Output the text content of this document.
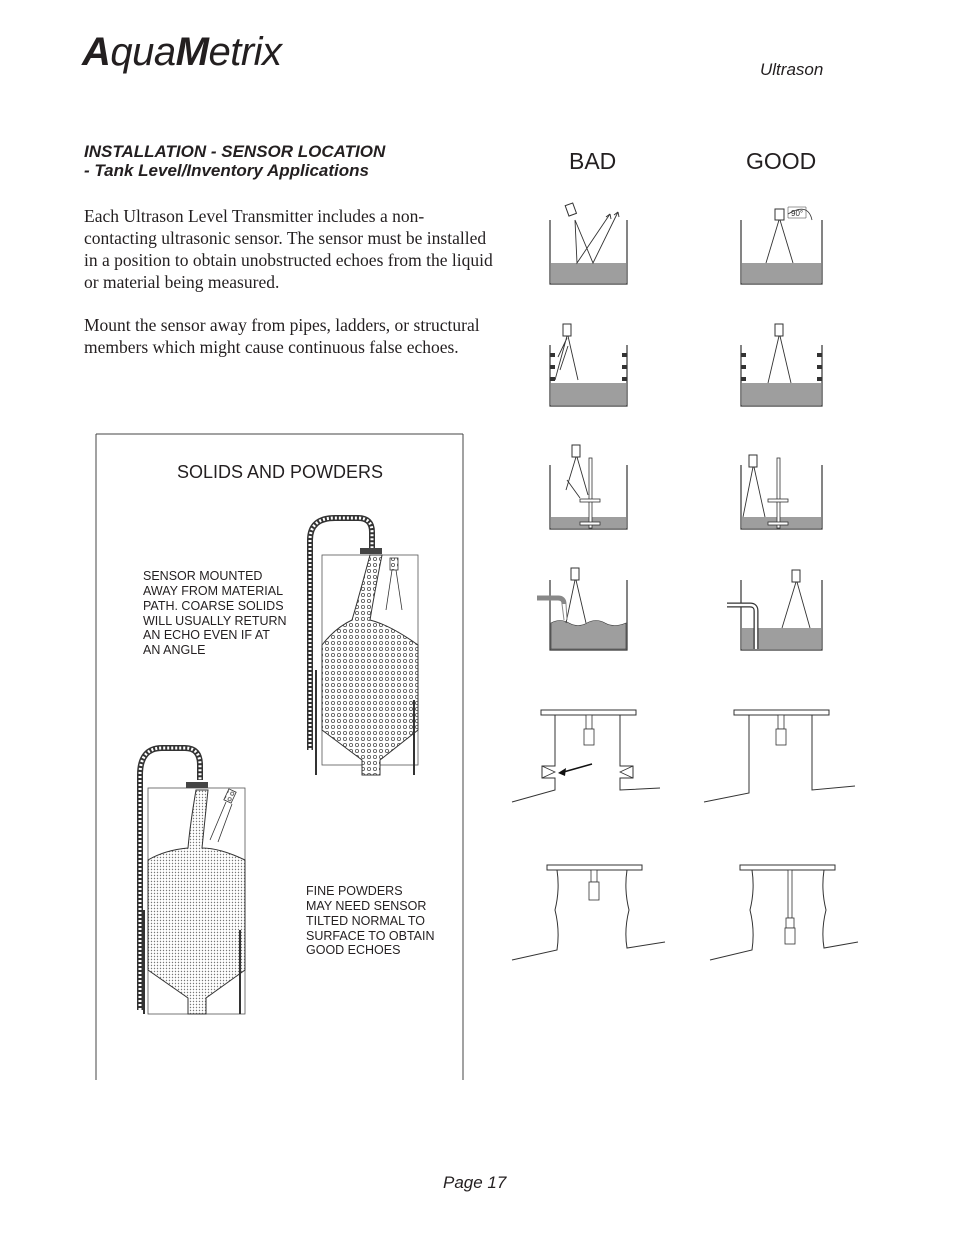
AquaMetrix	Ultrason
INSTALLATION - SENSOR LOCATION
- Tank Level/Inventory Applications
Each Ultrason Level Transmitter includes a non-contacting ultrasonic sensor. The sensor must be installed in a position to obtain unobstructed echoes from the liquid or material being measured.
Mount the sensor away from pipes, ladders, or structural members which might cause continuous false echoes.
BAD	GOOD
SOLIDS AND POWDERS
SENSOR MOUNTED
AWAY FROM MATERIAL
PATH. COARSE SOLIDS
WILL USUALLY RETURN
AN ECHO EVEN IF AT
AN ANGLE
FINE POWDERS
MAY NEED SENSOR
TILTED NORMAL TO
SURFACE TO OBTAIN
GOOD ECHOES
90°
Page 17
